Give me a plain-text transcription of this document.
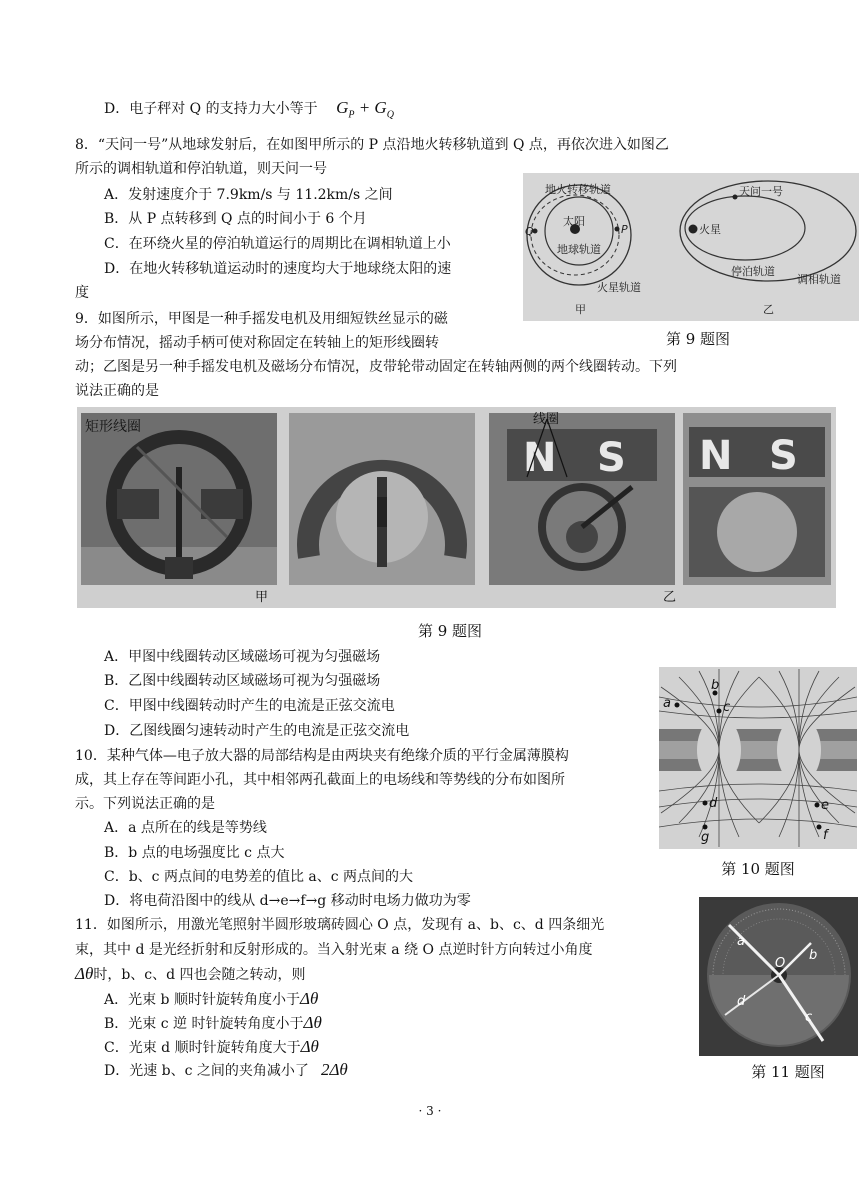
D．电子秤对 Q 的支持力大小等于 $G_P + G_Q$
8．“天问一号”从地球发射后，在如图甲所示的 P 点沿地火转移轨道到 Q 点，再依次进入如图乙
所示的调相轨道和停泊轨道，则天问一号
A．发射速度介于 7.9km/s 与 11.2km/s 之间
B．从 P 点转移到 Q 点的时间小于 6 个月
C．在环绕火星的停泊轨道运行的周期比在调相轨道上小
D．在地火转移轨道运动时的速度均大于地球绕太阳的速
度
地火转移轨道
太阳
地球轨道
火星轨道
P
Q
甲
天问一号
火星
停泊轨道
调相轨道
乙
第 9 题图
9．如图所示，甲图是一种手摇发电机及用细短铁丝显示的磁
场分布情况，摇动手柄可使对称固定在转轴上的矩形线圈转
动；乙图是另一种手摇发电机及磁场分布情况，皮带轮带动固定在转轴两侧的两个线圈转动。下列
说法正确的是
矩形线圈
N S
线圈
N S
甲	乙
第 9 题图
A．甲图中线圈转动区域磁场可视为匀强磁场
B．乙图中线圈转动区域磁场可视为匀强磁场
C．甲图中线圈转动时产生的电流是正弦交流电
D．乙图线圈匀速转动时产生的电流是正弦交流电
a
b
c
d	e
f
g
第 10 题图
10．某种气体—电子放大器的局部结构是由两块夹有绝缘介质的平行金属薄膜构
成，其上存在等间距小孔，其中相邻两孔截面上的电场线和等势线的分布如图所
示。下列说法正确的是
A．a 点所在的线是等势线
B．b 点的电场强度比 c 点大
C．b、c 两点间的电势差的值比 a、c 两点间的大
D．将电荷沿图中的线从 d→e→f→g 移动时电场力做功为零
11．如图所示，用激光笔照射半圆形玻璃砖圆心 O 点，发现有 a、b、c、d 四条细光
束，其中 d 是光经折射和反射形成的。当入射光束 a 绕 O 点逆时针方向转过小角度
Δθ时，b、c、d 四也会随之转动，则
A．光束 b 顺时针旋转角度小于Δθ
B．光束 c 逆 时针旋转角度小于Δθ
C．光束 d 顺时针旋转角度大于Δθ
D．光速 b、c 之间的夹角减小了 2Δθ
a
b
c
d
O
第 11 题图
· 3 ·
